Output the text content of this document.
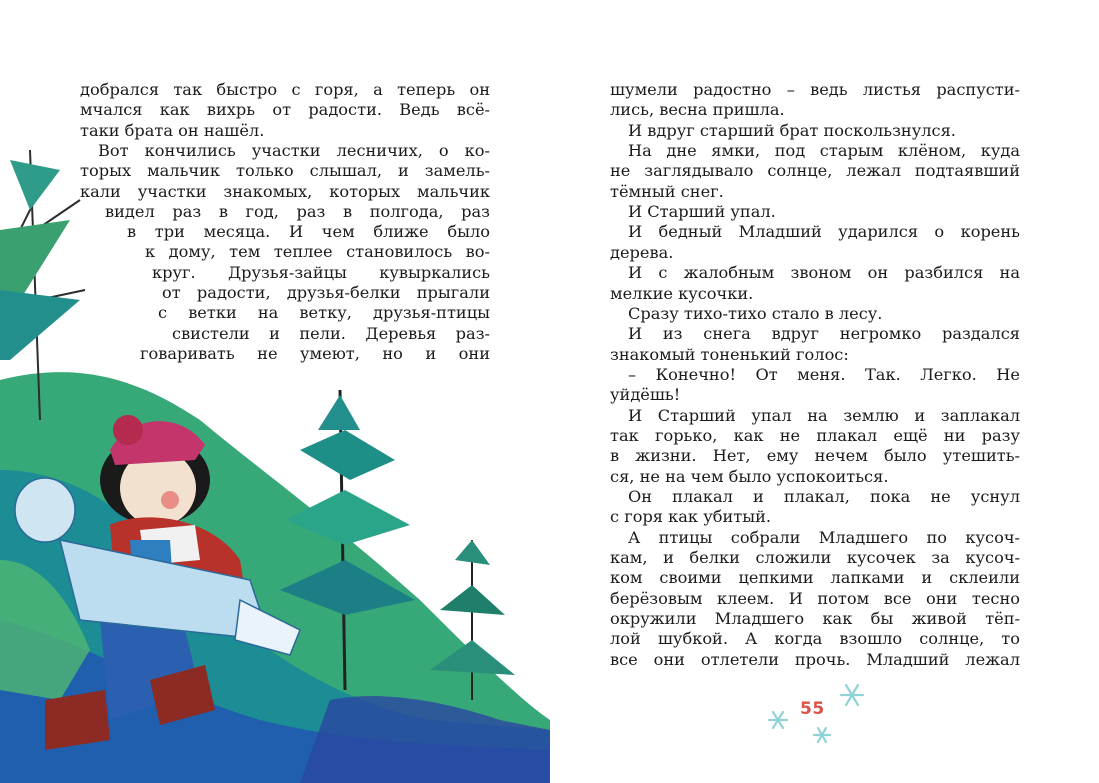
добрался так быстро с горя, а теперь он
мчался как вихрь от радости. Ведь всё-
таки брата он нашёл.
Вот кончились участки лесничих, о ко-
торых мальчик только слышал, и замель-
кали участки знакомых, которых мальчик
видел раз в год, раз в полгода, раз
в три месяца. И чем ближе было
к дому, тем теплее становилось во-
круг. Друзья-зайцы кувыркались
от радости, друзья-белки прыгали
с ветки на ветку, друзья-птицы
свистели и пели. Деревья раз-
говаривать не умеют, но и они
шумели радостно – ведь листья распусти-
лись, весна пришла.
И вдруг старший брат поскользнулся.
На дне ямки, под старым клёном, куда
не заглядывало солнце, лежал подтаявший
тёмный снег.
И Старший упал.
И бедный Младший ударился о корень
дерева.
И с жалобным звоном он разбился на
мелкие кусочки.
Сразу тихо-тихо стало в лесу.
И из снега вдруг негромко раздался
знакомый тоненький голос:
– Конечно! От меня. Так. Легко. Не
уйдёшь!
И Старший упал на землю и заплакал
так горько, как не плакал ещё ни разу
в жизни. Нет, ему нечем было утешить-
ся, не на чем было успокоиться.
Он плакал и плакал, пока не уснул
с горя как убитый.
А птицы собрали Младшего по кусоч-
кам, и белки сложили кусочек за кусоч-
ком своими цепкими лапками и склеили
берёзовым клеем. И потом все они тесно
окружили Младшего как бы живой тёп-
лой шубкой. А когда взошло солнце, то
все они отлетели прочь. Младший лежал
55
